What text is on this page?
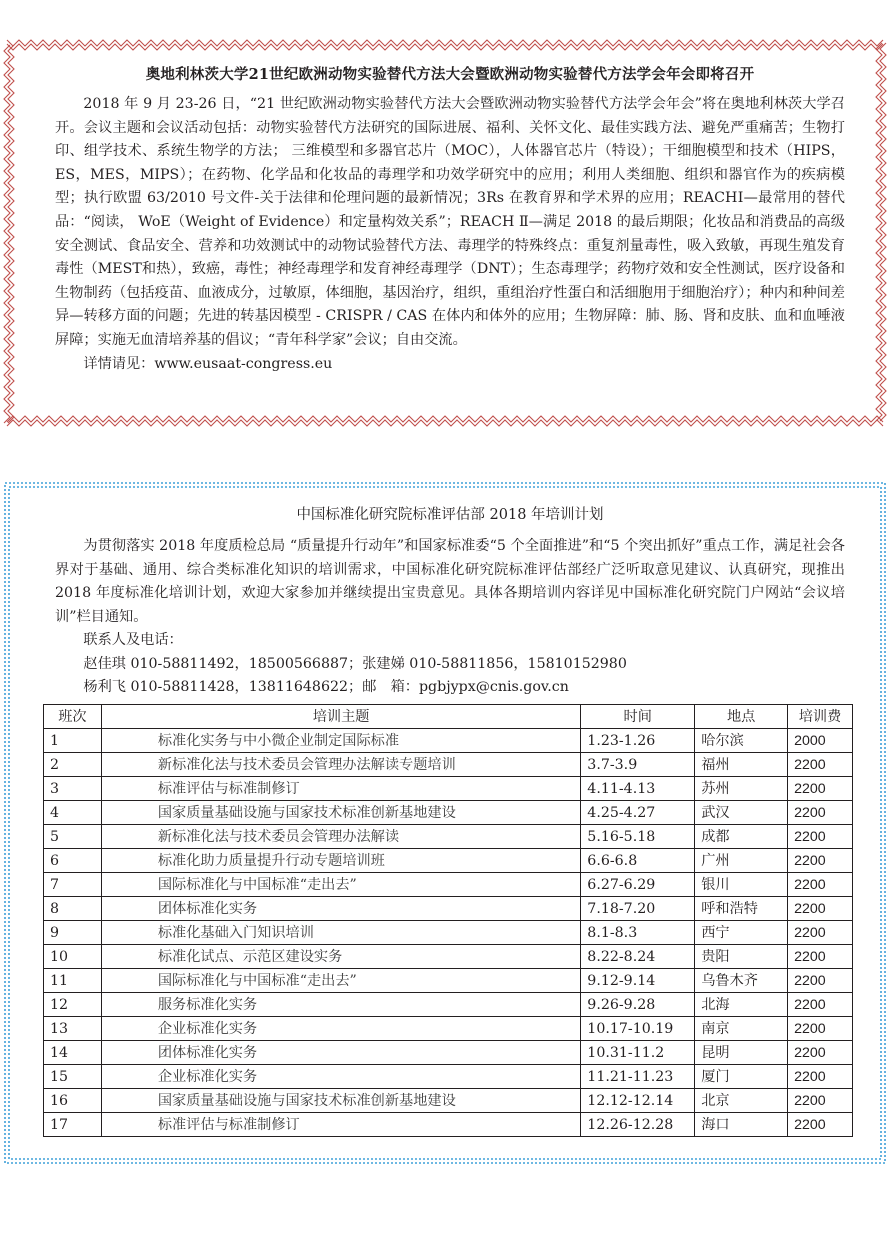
奥地利林茨大学21世纪欧洲动物实验替代方法大会暨欧洲动物实验替代方法学会年会即将召开

2018 年 9 月 23-26 日，“21 世纪欧洲动物实验替代方法大会暨欧洲动物实验替代方法学会年会”将在奥地利林茨大学召开。会议主题和会议活动包括：动物实验替代方法研究的国际进展、福利、关怀文化、最佳实践方法、避免严重痛苦；生物打印、组学技术、系统生物学的方法； 三维模型和多器官芯片（MOC），人体器官芯片（特设）；干细胞模型和技术（HIPS，ES，MES，MIPS）；在药物、化学品和化妆品的毒理学和功效学研究中的应用；利用人类细胞、组织和器官作为的疾病模型；执行欧盟 63/2010 号文件-关于法律和伦理问题的最新情况；3Rs 在教育界和学术界的应用；REACHⅠ—最常用的替代品：“阅读， WoE（Weight of Evidence）和定量构效关系”；REACH Ⅱ—满足 2018 的最后期限；化妆品和消费品的高级安全测试、食品安全、营养和功效测试中的动物试验替代方法、毒理学的特殊终点：重复剂量毒性，吸入致敏，再现生殖发育毒性（MEST和热），致癌，毒性；神经毒理学和发育神经毒理学（DNT）；生态毒理学；药物疗效和安全性测试，医疗设备和生物制药（包括疫苗、血液成分，过敏原，体细胞，基因治疗，组织，重组治疗性蛋白和活细胞用于细胞治疗）；种内和种间差异—转移方面的问题；先进的转基因模型 - CRISPR / CAS 在体内和体外的应用；生物屏障：肺、肠、肾和皮肤、血和血唾液屏障；实施无血清培养基的倡议；“青年科学家”会议；自由交流。

详情请见：www.eusaat-congress.eu

中国标准化研究院标准评估部 2018 年培训计划

为贯彻落实 2018 年度质检总局 “质量提升行动年”和国家标准委“5 个全面推进”和“5 个突出抓好”重点工作，满足社会各界对于基础、通用、综合类标准化知识的培训需求，中国标准化研究院标准评估部经广泛听取意见建议、认真研究，现推出 2018 年度标准化培训计划，欢迎大家参加并继续提出宝贵意见。具体各期培训内容详见中国标准化研究院门户网站“会议培训”栏目通知。

联系人及电话：
赵佳琪 010-58811492，18500566887；张建娣 010-58811856，15810152980
杨利飞 010-58811428，13811648622；邮　箱：pgbjypx@cnis.gov.cn
班次	培训主题	时间	地点	培训费
1	标准化实务与中小微企业制定国际标准	1.23-1.26	哈尔滨	2000
2	新标准化法与技术委员会管理办法解读专题培训	3.7-3.9	福州	2200
3	标准评估与标准制修订	4.11-4.13	苏州	2200
4	国家质量基础设施与国家技术标准创新基地建设	4.25-4.27	武汉	2200
5	新标准化法与技术委员会管理办法解读	5.16-5.18	成都	2200
6	标准化助力质量提升行动专题培训班	6.6-6.8	广州	2200
7	国际标准化与中国标准“走出去”	6.27-6.29	银川	2200
8	团体标准化实务	7.18-7.20	呼和浩特	2200
9	标准化基础入门知识培训	8.1-8.3	西宁	2200
10	标准化试点、示范区建设实务	8.22-8.24	贵阳	2200
11	国际标准化与中国标准“走出去”	9.12-9.14	乌鲁木齐	2200
12	服务标准化实务	9.26-9.28	北海	2200
13	企业标准化实务	10.17-10.19	南京	2200
14	团体标准化实务	10.31-11.2	昆明	2200
15	企业标准化实务	11.21-11.23	厦门	2200
16	国家质量基础设施与国家技术标准创新基地建设	12.12-12.14	北京	2200
17	标准评估与标准制修订	12.26-12.28	海口	2200
